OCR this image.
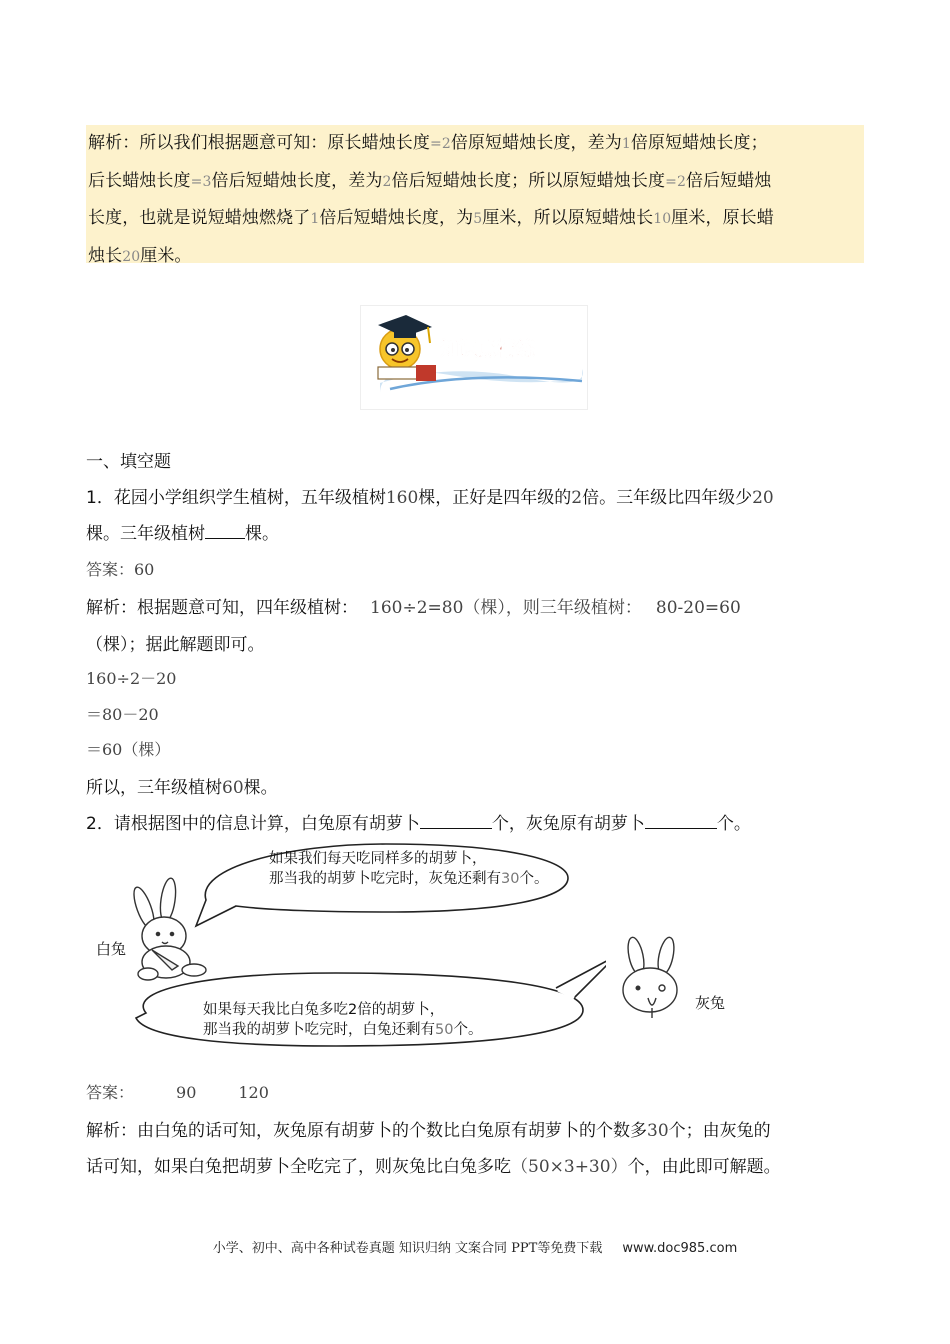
解析：所以我们根据题意可知：原长蜡烛长度=2倍原短蜡烛长度，差为1倍原短蜡烛长度；

后长蜡烛长度=3倍后短蜡烛长度，差为2倍后短蜡烛长度；所以原短蜡烛长度=2倍后短蜡烛

长度，也就是说短蜡烛燃烧了1倍后短蜡烛长度，为5厘米，所以原短蜡烛长10厘米，原长蜡

烛长20厘米。

知识点精练
一、填空题
1．花园小学组织学生植树，五年级植树160棵，正好是四年级的2倍。三年级比四年级少20
棵。三年级植树 棵。
答案：60
解析：根据题意可知，四年级植树： 160÷2=80（棵），则三年级植树： 80-20=60
（棵）；据此解题即可。
160÷2－20
＝80－20
＝60（棵）
所以，三年级植树60棵。
2．请根据图中的信息计算，白兔原有胡萝卜	个，灰兔原有胡萝卜	个。
如果我们每天吃同样多的胡萝卜，
那当我的胡萝卜吃完时，灰兔还剩有30个。
如果每天我比白兔多吃2倍的胡萝卜，
那当我的胡萝卜吃完时，白兔还剩有50个。
白兔
灰兔
答案：	90	120
解析：由白兔的话可知，灰兔原有胡萝卜的个数比白兔原有胡萝卜的个数多30个；由灰兔的
话可知，如果白兔把胡萝卜全吃完了，则灰兔比白兔多吃（50×3+30）个，由此即可解题。
小学、初中、高中各种试卷真题 知识归纳 文案合同 PPT等免费下载 www.doc985.com
